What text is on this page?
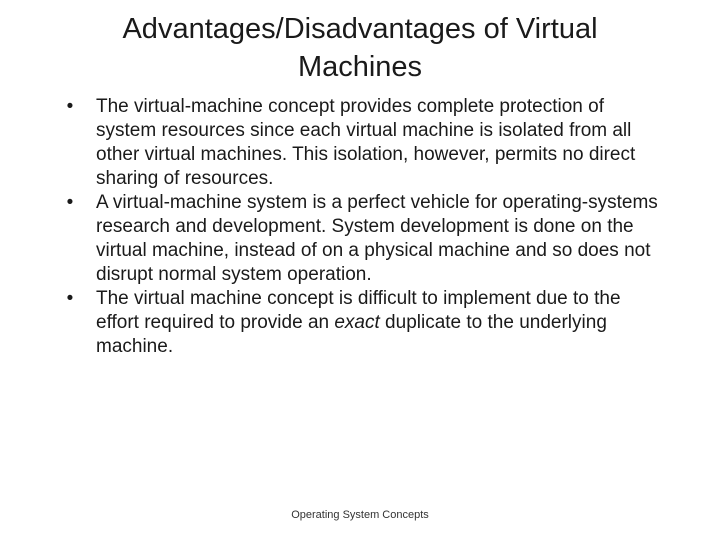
Advantages/Disadvantages of Virtual Machines
•	The virtual-machine concept provides complete protection of system resources since each virtual machine is isolated from all other virtual machines. This isolation, however, permits no direct sharing of resources.
•	A virtual-machine system is a perfect vehicle for operating-systems research and development. System development is done on the virtual machine, instead of on a physical machine and so does not disrupt normal system operation.
•	The virtual machine concept is difficult to implement due to the effort required to provide an exact duplicate to the underlying machine.
Operating System Concepts
